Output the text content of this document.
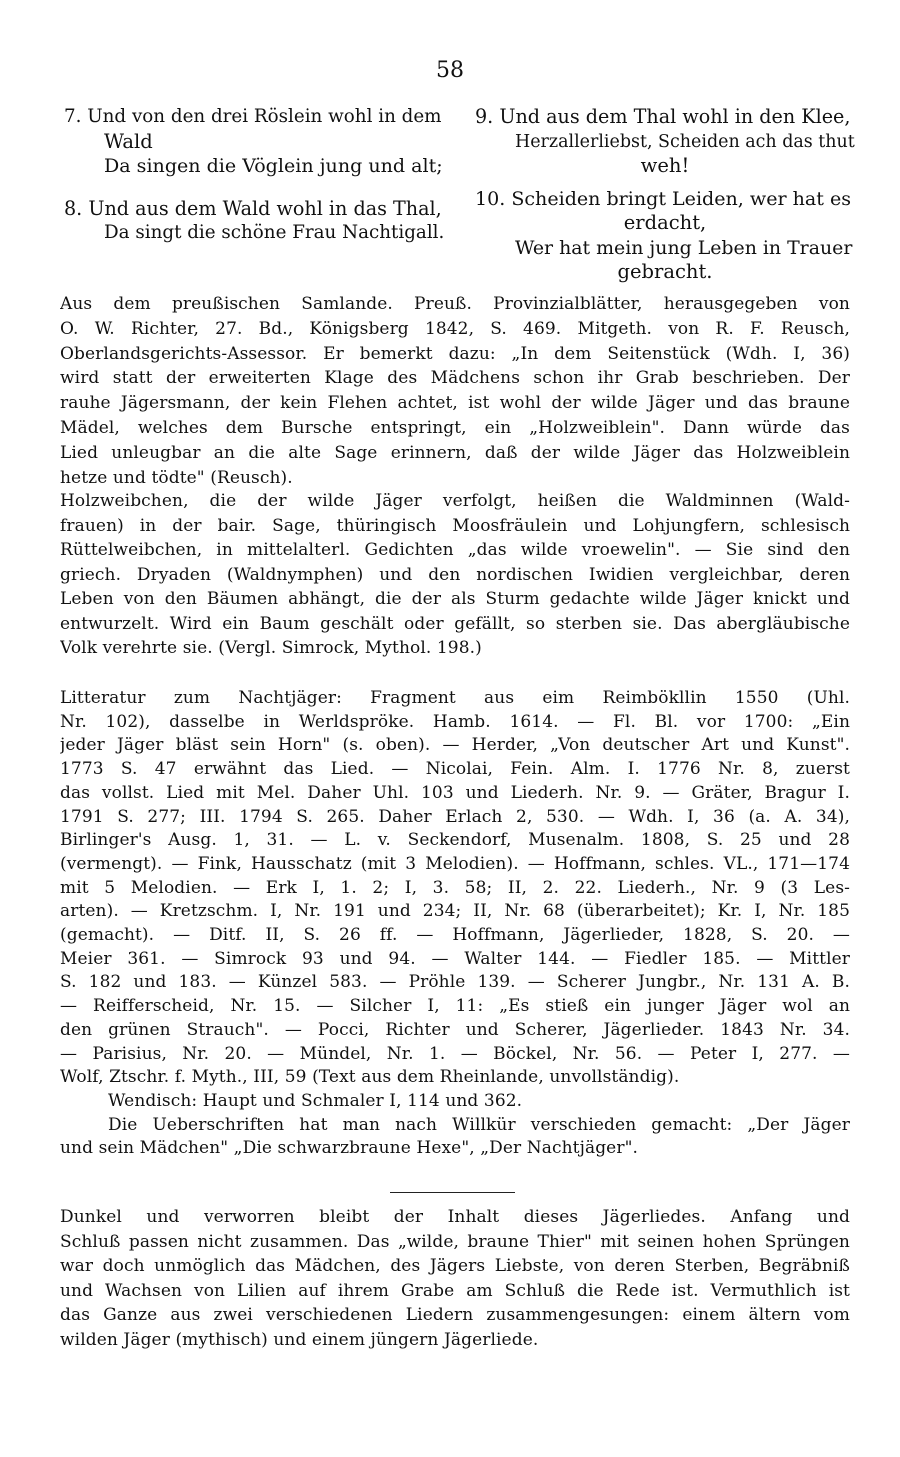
58
7. Und von den drei Röslein wohl in dem
Wald
Da singen die Vöglein jung und alt;
8. Und aus dem Wald wohl in das Thal,
Da singt die schöne Frau Nachtigall.
9. Und aus dem Thal wohl in den Klee,
Herzallerliebst, Scheiden ach das thut
weh!
10. Scheiden bringt Leiden, wer hat es
erdacht,
Wer hat mein jung Leben in Trauer
gebracht.
Aus dem preußischen Samlande. Preuß. Provinzialblätter, herausgegeben von
O. W. Richter, 27. Bd., Königsberg 1842, S. 469. Mitgeth. von R. F. Reusch,
Oberlandsgerichts-Assessor. Er bemerkt dazu: „In dem Seitenstück (Wdh. I, 36)
wird statt der erweiterten Klage des Mädchens schon ihr Grab beschrieben. Der
rauhe Jägersmann, der kein Flehen achtet, ist wohl der wilde Jäger und das braune
Mädel, welches dem Bursche entspringt, ein „Holzweiblein". Dann würde das
Lied unleugbar an die alte Sage erinnern, daß der wilde Jäger das Holzweiblein
hetze und tödte" (Reusch).
Holzweibchen, die der wilde Jäger verfolgt, heißen die Waldminnen (Wald-
frauen) in der bair. Sage, thüringisch Moosfräulein und Lohjungfern, schlesisch
Rüttelweibchen, in mittelalterl. Gedichten „das wilde vroewelin". — Sie sind den
griech. Dryaden (Waldnymphen) und den nordischen Iwidien vergleichbar, deren
Leben von den Bäumen abhängt, die der als Sturm gedachte wilde Jäger knickt und
entwurzelt. Wird ein Baum geschält oder gefällt, so sterben sie. Das abergläubische
Volk verehrte sie. (Vergl. Simrock, Mythol. 198.)
Litteratur zum Nachtjäger: Fragment aus eim Reimbökllin 1550 (Uhl.
Nr. 102), dasselbe in Werldspröke. Hamb. 1614. — Fl. Bl. vor 1700: „Ein
jeder Jäger bläst sein Horn" (s. oben). — Herder, „Von deutscher Art und Kunst".
1773 S. 47 erwähnt das Lied. — Nicolai, Fein. Alm. I. 1776 Nr. 8, zuerst
das vollst. Lied mit Mel. Daher Uhl. 103 und Liederh. Nr. 9. — Gräter, Bragur I.
1791 S. 277; III. 1794 S. 265. Daher Erlach 2, 530. — Wdh. I, 36 (a. A. 34),
Birlinger's Ausg. 1, 31. — L. v. Seckendorf, Musenalm. 1808, S. 25 und 28
(vermengt). — Fink, Hausschatz (mit 3 Melodien). — Hoffmann, schles. VL., 171—174
mit 5 Melodien. — Erk I, 1. 2; I, 3. 58; II, 2. 22. Liederh., Nr. 9 (3 Les-
arten). — Kretzschm. I, Nr. 191 und 234; II, Nr. 68 (überarbeitet); Kr. I, Nr. 185
(gemacht). — Ditf. II, S. 26 ff. — Hoffmann, Jägerlieder, 1828, S. 20. —
Meier 361. — Simrock 93 und 94. — Walter 144. — Fiedler 185. — Mittler
S. 182 und 183. — Künzel 583. — Pröhle 139. — Scherer Jungbr., Nr. 131 A. B.
— Reifferscheid, Nr. 15. — Silcher I, 11: „Es stieß ein junger Jäger wol an
den grünen Strauch". — Pocci, Richter und Scherer, Jägerlieder. 1843 Nr. 34.
— Parisius, Nr. 20. — Mündel, Nr. 1. — Böckel, Nr. 56. — Peter I, 277. —
Wolf, Ztschr. f. Myth., III, 59 (Text aus dem Rheinlande, unvollständig).
Wendisch: Haupt und Schmaler I, 114 und 362.
Die Ueberschriften hat man nach Willkür verschieden gemacht: „Der Jäger
und sein Mädchen" „Die schwarzbraune Hexe", „Der Nachtjäger".
Dunkel und verworren bleibt der Inhalt dieses Jägerliedes. Anfang und
Schluß passen nicht zusammen. Das „wilde, braune Thier" mit seinen hohen Sprüngen
war doch unmöglich das Mädchen, des Jägers Liebste, von deren Sterben, Begräbniß
und Wachsen von Lilien auf ihrem Grabe am Schluß die Rede ist. Vermuthlich ist
das Ganze aus zwei verschiedenen Liedern zusammengesungen: einem ältern vom
wilden Jäger (mythisch) und einem jüngern Jägerliede.
